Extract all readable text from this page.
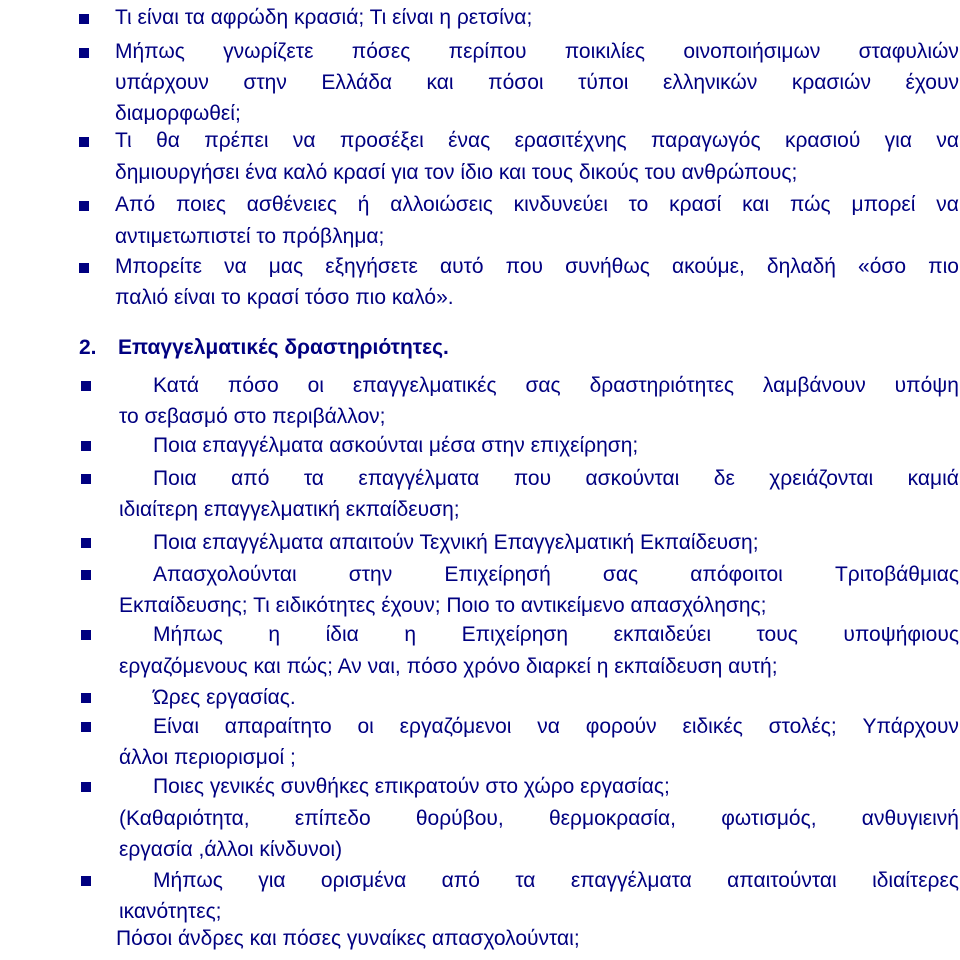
Τι είναι τα αφρώδη κρασιά; Τι είναι η ρετσίνα;
Μήπως γνωρίζετε πόσες περίπου ποικιλίες οινοποιήσιμων σταφυλιών
υπάρχουν στην Ελλάδα και πόσοι τύποι ελληνικών κρασιών έχουν
διαμορφωθεί;
Τι θα πρέπει να προσέξει ένας ερασιτέχνης παραγωγός κρασιού για να
δημιουργήσει ένα καλό κρασί για τον ίδιο και τους δικούς του ανθρώπους;
Από ποιες ασθένειες ή αλλοιώσεις κινδυνεύει το κρασί και πώς μπορεί να
αντιμετωπιστεί το πρόβλημα;
Μπορείτε να μας εξηγήσετε αυτό που συνήθως ακούμε, δηλαδή «όσο πιο
παλιό είναι το κρασί τόσο πιο καλό».
2. Επαγγελματικές δραστηριότητες.
Κατά πόσο οι επαγγελματικές σας δραστηριότητες λαμβάνουν υπόψη
το σεβασμό στο περιβάλλον;
Ποια επαγγέλματα ασκούνται μέσα στην επιχείρηση;
Ποια από τα επαγγέλματα που ασκούνται δε χρειάζονται καμιά
ιδιαίτερη επαγγελματική εκπαίδευση;
Ποια επαγγέλματα απαιτούν Τεχνική Επαγγελματική Εκπαίδευση;
Απασχολούνται στην Επιχείρησή σας απόφοιτοι Τριτοβάθμιας
Εκπαίδευσης; Τι ειδικότητες έχουν; Ποιο το αντικείμενο απασχόλησης;
Μήπως η ίδια η Επιχείρηση εκπαιδεύει τους υποψήφιους
εργαζόμενους και πώς; Αν ναι, πόσο χρόνο διαρκεί η εκπαίδευση αυτή;
Ώρες εργασίας.
Είναι απαραίτητο οι εργαζόμενοι να φορούν ειδικές στολές; Υπάρχουν
άλλοι περιορισμοί ;
Ποιες γενικές συνθήκες επικρατούν στο χώρο εργασίας;
(Καθαριότητα, επίπεδο θορύβου, θερμοκρασία, φωτισμός, ανθυγιεινή
εργασία ,άλλοι κίνδυνοι)
Μήπως για ορισμένα από τα επαγγέλματα απαιτούνται ιδιαίτερες
ικανότητες;
Πόσοι άνδρες και πόσες γυναίκες απασχολούνται;
